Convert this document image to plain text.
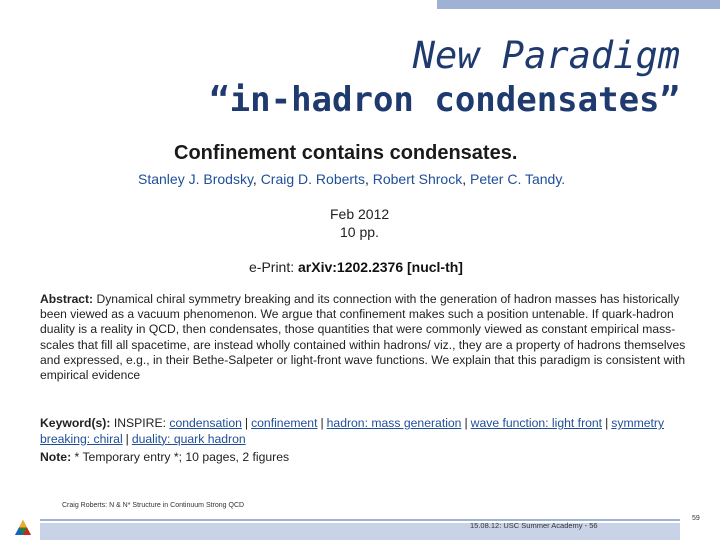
New Paradigm
“in-hadron condensates”
Confinement contains condensates.
Stanley J. Brodsky, Craig D. Roberts, Robert Shrock, Peter C. Tandy.
Feb 2012
10 pp.
e-Print: arXiv:1202.2376 [nucl-th]
Abstract: Dynamical chiral symmetry breaking and its connection with the generation of hadron masses has historically been viewed as a vacuum phenomenon. We argue that confinement makes such a position untenable. If quark-hadron duality is a reality in QCD, then condensates, those quantities that were commonly viewed as constant empirical mass-scales that fill all spacetime, are instead wholly contained within hadrons/ viz., they are a property of hadrons themselves and expressed, e.g., in their Bethe-Salpeter or light-front wave functions. We explain that this paradigm is consistent with empirical evidence
Keyword(s): INSPIRE: condensation | confinement | hadron: mass generation | wave function: light front | symmetry breaking: chiral | duality: quark hadron
Note: * Temporary entry *; 10 pages, 2 figures
Craig Roberts: N & N* Structure in Continuum Strong QCD
15.08.12: USC Summer Academy - 56
59
